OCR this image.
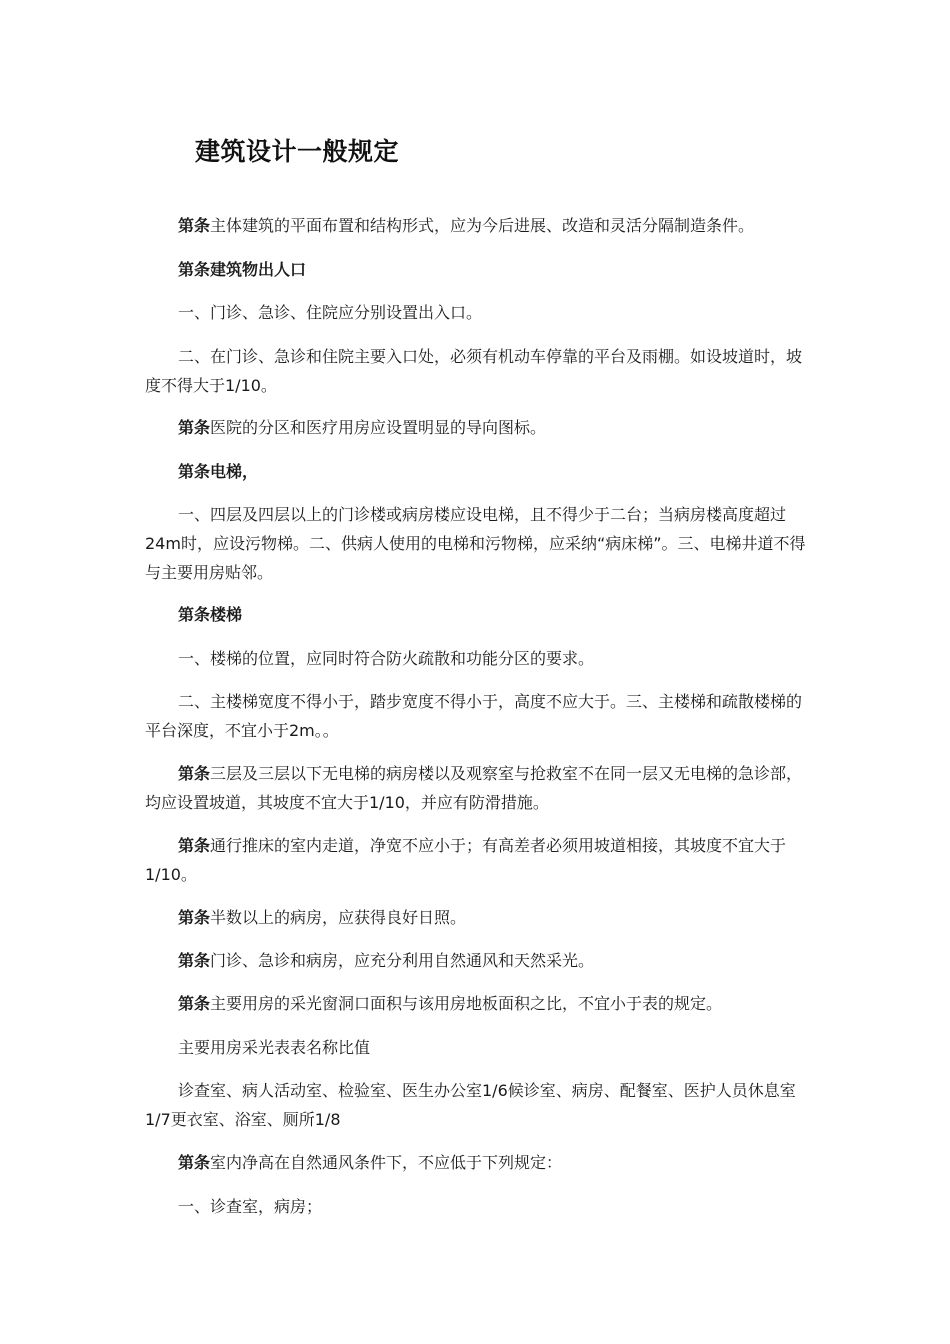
建筑设计一般规定
第条主体建筑的平面布置和结构形式，应为今后进展、改造和灵活分隔制造条件。
第条建筑物出人口
一、门诊、急诊、住院应分别设置出入口。
二、在门诊、急诊和住院主要入口处，必须有机动车停靠的平台及雨棚。如设坡道时，坡度不得大于1/10。
第条医院的分区和医疗用房应设置明显的导向图标。
第条电梯，
一、四层及四层以上的门诊楼或病房楼应设电梯，且不得少于二台；当病房楼高度超过24m时，应设污物梯。二、供病人使用的电梯和污物梯，应采纳“病床梯”。三、电梯井道不得与主要用房贴邻。
第条楼梯
一、楼梯的位置，应同时符合防火疏散和功能分区的要求。
二、主楼梯宽度不得小于，踏步宽度不得小于，高度不应大于。三、主楼梯和疏散楼梯的平台深度，不宜小于2m。。
第条三层及三层以下无电梯的病房楼以及观察室与抢救室不在同一层又无电梯的急诊部，均应设置坡道，其坡度不宜大于1/10，并应有防滑措施。
第条通行推床的室内走道，净宽不应小于；有高差者必须用坡道相接，其坡度不宜大于1/10。
第条半数以上的病房，应获得良好日照。
第条门诊、急诊和病房，应充分利用自然通风和天然采光。
第条主要用房的采光窗洞口面积与该用房地板面积之比，不宜小于表的规定。
主要用房采光表表名称比值
诊查室、病人活动室、检验室、医生办公室1/6候诊室、病房、配餐室、医护人员休息室1/7更衣室、浴室、厕所1/8
第条室内净高在自然通风条件下，不应低于下列规定：
一、诊查室，病房；
